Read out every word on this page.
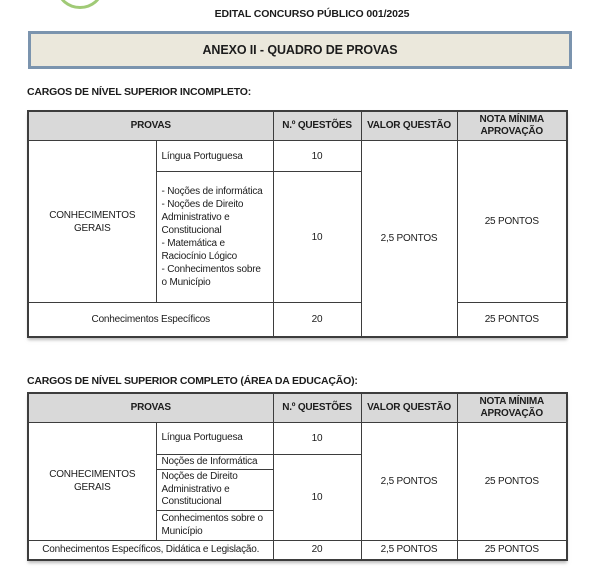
EDITAL CONCURSO PÚBLICO 001/2025
ANEXO II - QUADRO DE PROVAS
CARGOS DE NÍVEL SUPERIOR INCOMPLETO:
PROVAS		N.º QUESTÕES	VALOR QUESTÃO	NOTA MÍNIMA APROVAÇÃO
CONHECIMENTOS GERAIS	Língua Portuguesa	10	2,5 PONTOS	25 PONTOS

	- Noções de informática
- Noções de Direito Administrativo e Constitucional
- Matemática e Raciocínio Lógico
- Conhecimentos sobre o Município	10		
Conhecimentos Específicos		20		25 PONTOS
CARGOS DE NÍVEL SUPERIOR COMPLETO (ÁREA DA EDUCAÇÃO):
PROVAS		N.º QUESTÕES	VALOR QUESTÃO	NOTA MÍNIMA APROVAÇÃO
CONHECIMENTOS GERAIS	Língua Portuguesa	10	2,5 PONTOS	25 PONTOS
	Noções de Informática	10		
	Noções de Direito Administrativo e Constitucional			
	Conhecimentos sobre o Município			
Conhecimentos Específicos, Didática e Legislação.		20	2,5 PONTOS	25 PONTOS
